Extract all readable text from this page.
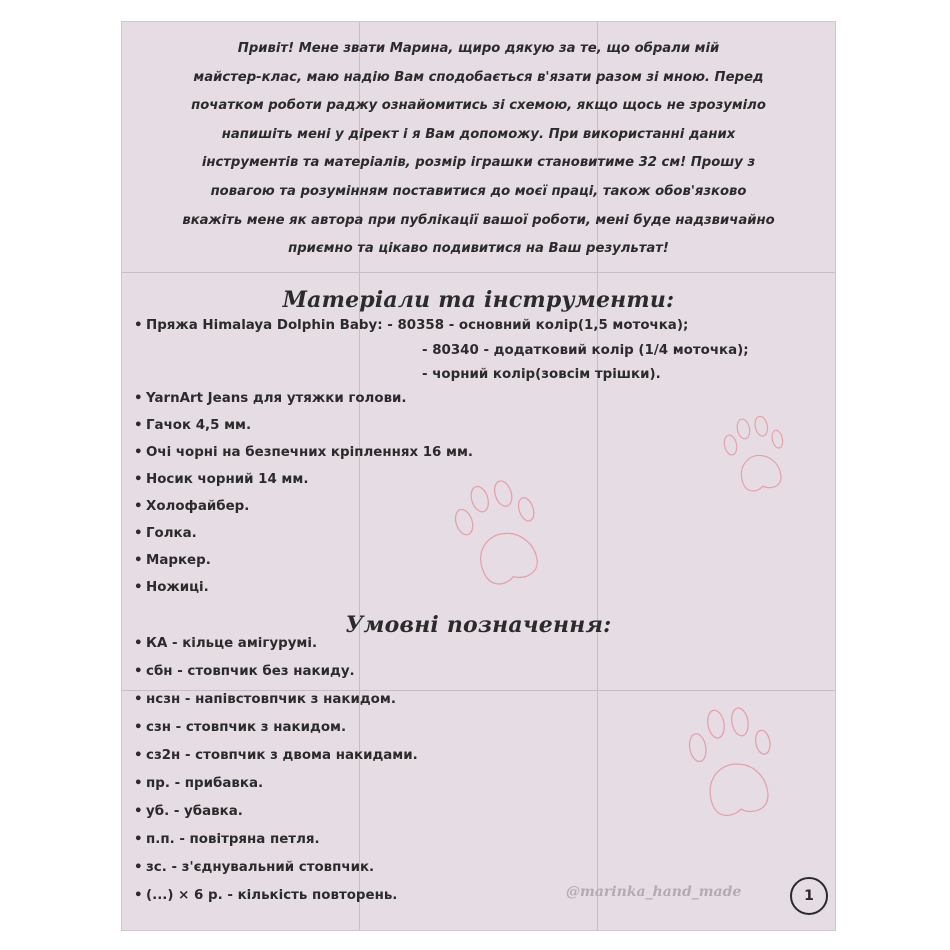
Привіт! Мене звати Марина, щиро дякую за те, що обрали мій
майстер-клас, маю надію Вам сподобається в'язати разом зі мною. Перед
початком роботи раджу ознайомитись зі схемою, якщо щось не зрозуміло
напишіть мені у дірект і я Вам допоможу. При використанні даних
інструментів та матеріалів, розмір іграшки становитиме 32 см! Прошу з
повагою та розумінням поставитися до моєї праці, також обов'язково
вкажіть мене як автора при публікації вашої роботи, мені буде надзвичайно
приємно та цікаво подивитися на Ваш результат!
Матеріали та інструменти:
• Пряжа Himalaya Dolphin Baby: - 80358 - основний колір(1,5 моточка);
- 80340 - додатковий колір (1/4 моточка);
- чорний колір(зовсім трішки).
• YarnArt Jeans для утяжки голови.
• Гачок 4,5 мм.
• Очі чорні на безпечних кріпленнях 16 мм.
• Носик чорний 14 мм.
• Холофайбер.
• Голка.
• Маркер.
• Ножиці.
Умовні позначення:
• КА - кільце амігурумі.
• сбн - стовпчик без накиду.
• нсзн - напівстовпчик з накидом.
• сзн - стовпчик з накидом.
• сз2н - стовпчик з двома накидами.
• пр. - прибавка.
• уб. - убавка.
• п.п. - повітряна петля.
• зс. - з'єднувальний стовпчик.
• (...) × 6 р. - кількість повторень.	@marinka_hand_made	1
